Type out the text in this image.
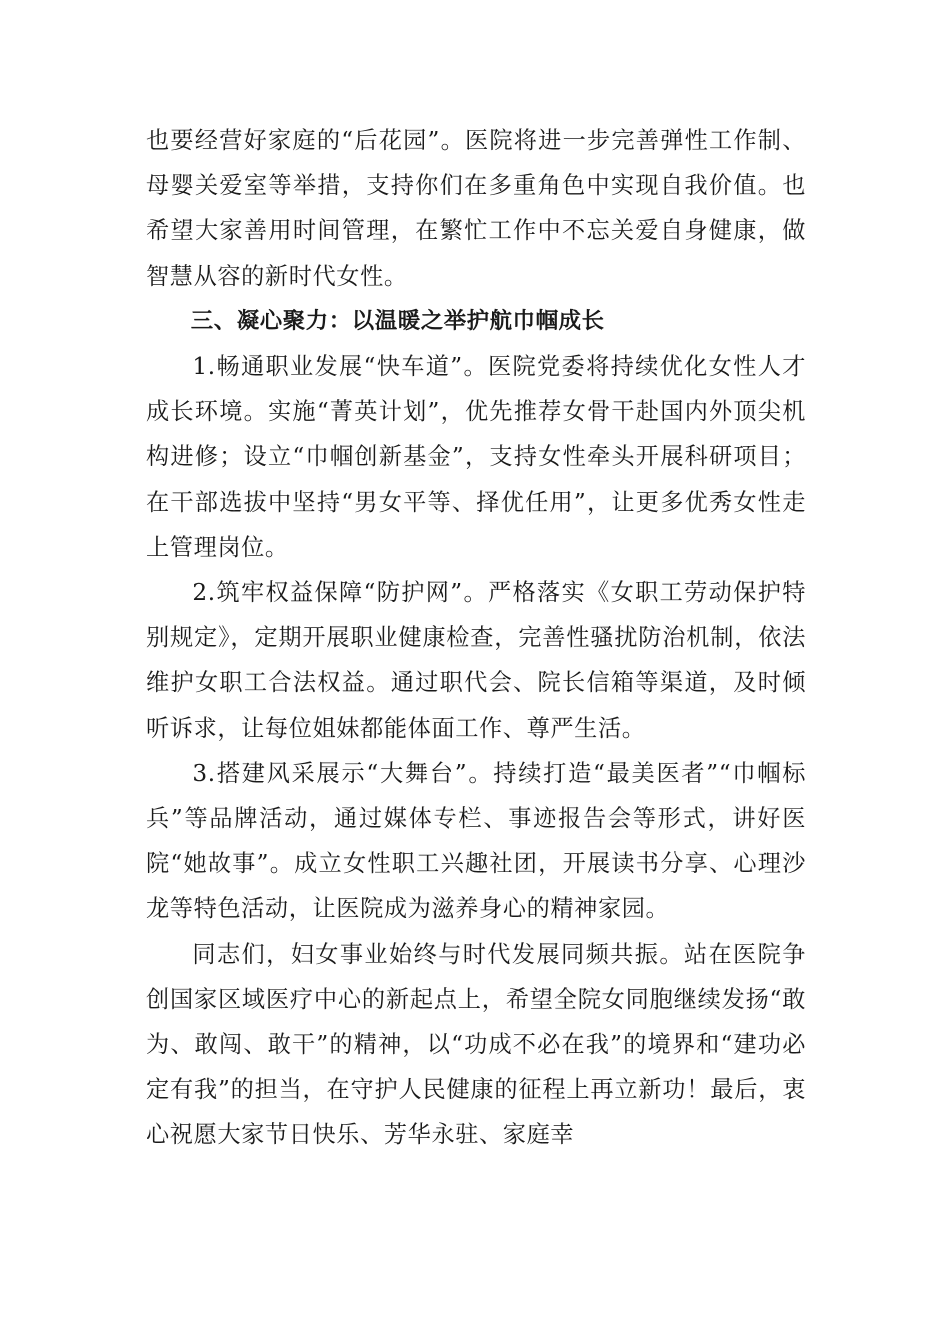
也要经营好家庭的“后花园”。医院将进一步完善弹性工作制、母婴关爱室等举措，支持你们在多重角色中实现自我价值。也希望大家善用时间管理，在繁忙工作中不忘关爱自身健康，做智慧从容的新时代女性。

三、凝心聚力：以温暖之举护航巾帼成长

1.畅通职业发展“快车道”。医院党委将持续优化女性人才成长环境。实施“菁英计划”，优先推荐女骨干赴国内外顶尖机构进修；设立“巾帼创新基金”，支持女性牵头开展科研项目；在干部选拔中坚持“男女平等、择优任用”，让更多优秀女性走上管理岗位。

2.筑牢权益保障“防护网”。严格落实《女职工劳动保护特别规定》，定期开展职业健康检查，完善性骚扰防治机制，依法维护女职工合法权益。通过职代会、院长信箱等渠道，及时倾听诉求，让每位姐妹都能体面工作、尊严生活。

3.搭建风采展示“大舞台”。持续打造“最美医者”“巾帼标兵”等品牌活动，通过媒体专栏、事迹报告会等形式，讲好医院“她故事”。成立女性职工兴趣社团，开展读书分享、心理沙龙等特色活动，让医院成为滋养身心的精神家园。

同志们，妇女事业始终与时代发展同频共振。站在医院争创国家区域医疗中心的新起点上，希望全院女同胞继续发扬“敢为、敢闯、敢干”的精神，以“功成不必在我”的境界和“建功必定有我”的担当，在守护人民健康的征程上再立新功！最后，衷心祝愿大家节日快乐、芳华永驻、家庭幸
